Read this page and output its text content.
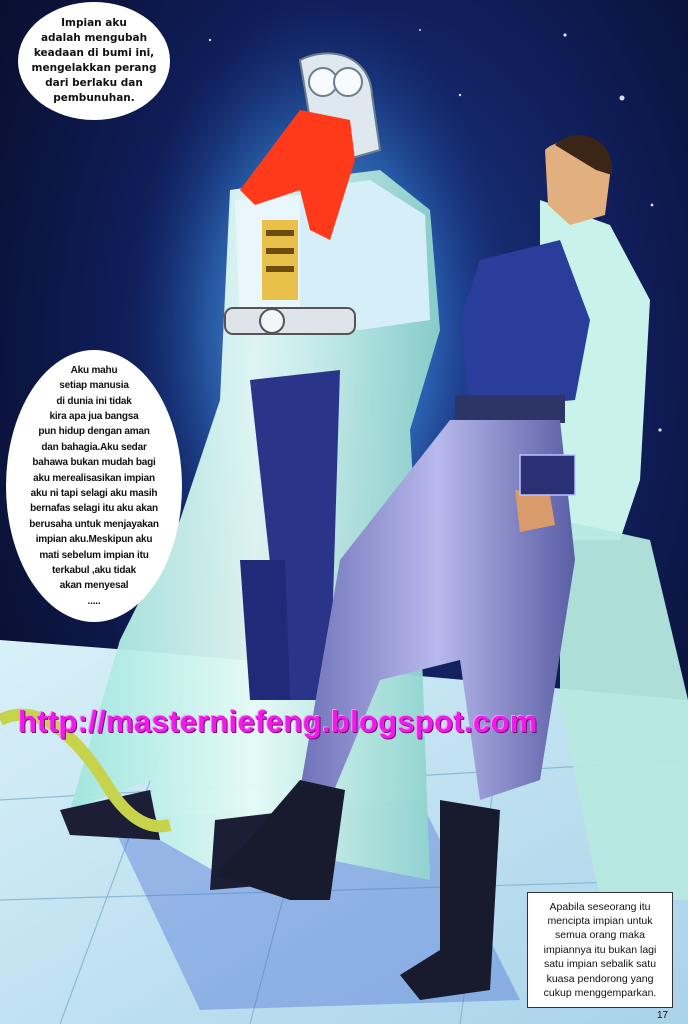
Impian aku
adalah mengubah
keadaan di bumi ini,
mengelakkan perang
dari berlaku dan
pembunuhan.
Aku mahu
setiap manusia
di dunia ini tidak
kira apa jua bangsa
pun hidup dengan aman
dan bahagia.Aku sedar
bahawa bukan mudah bagi
aku merealisasikan impian
aku ni tapi selagi aku masih
bernafas selagi itu aku akan
berusaha untuk menjayakan
impian aku.Meskipun aku
mati sebelum impian itu
terkabul ,aku tidak
akan menyesal
.....
http://masterniefeng.blogspot.com
Apabila seseorang itu
mencipta impian untuk
semua orang maka
impiannya itu bukan lagi
satu impian sebalik satu
kuasa pendorong yang
cukup menggemparkan.
17
